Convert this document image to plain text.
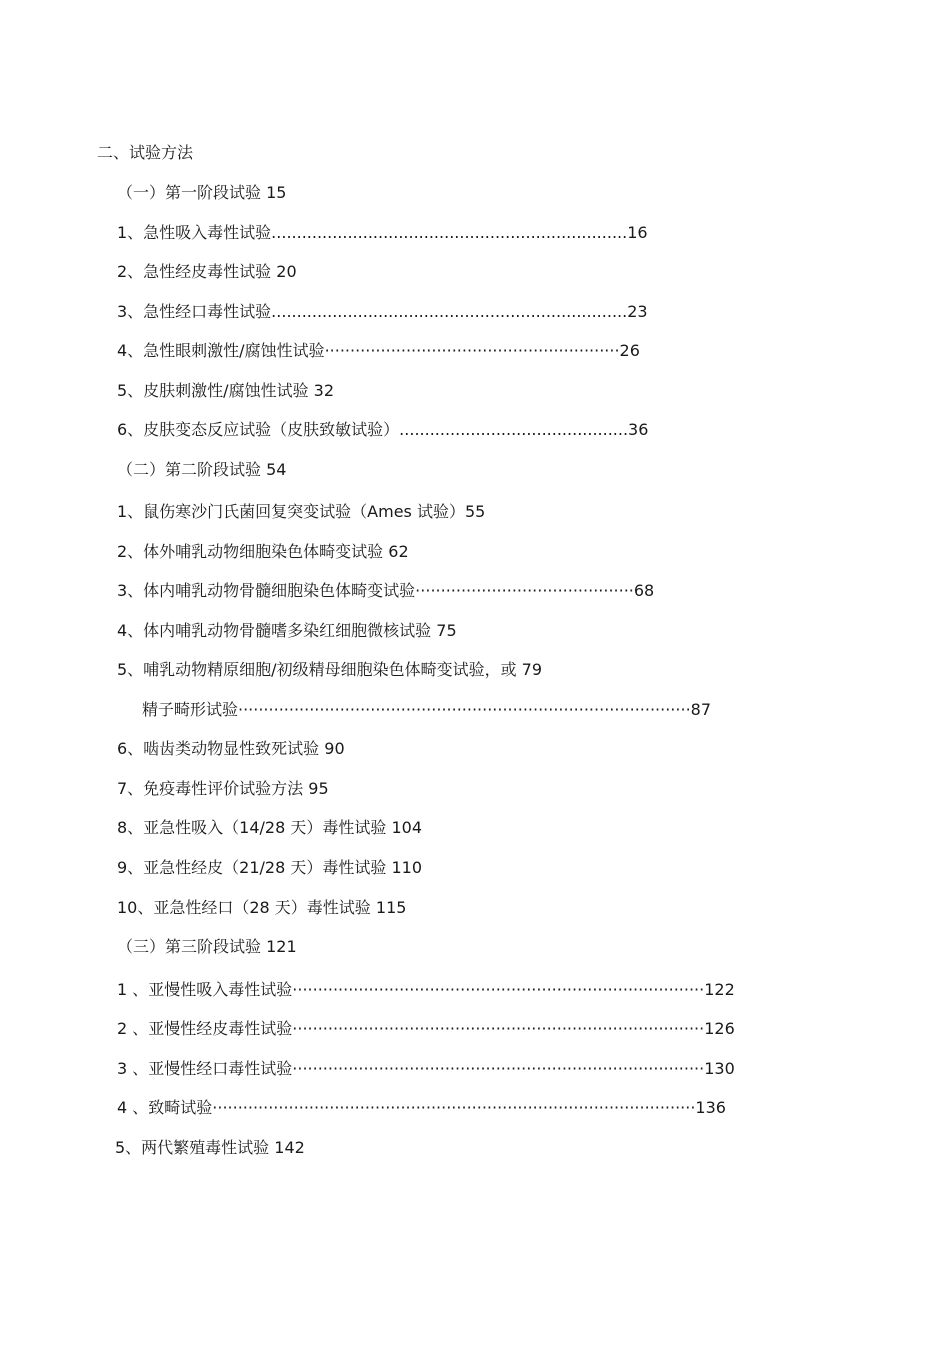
二、试验方法
（一）第一阶段试验 15
1、急性吸入毒性试验......................................................................16
2、急性经皮毒性试验 20
3、急性经口毒性试验......................................................................23
4、急性眼刺激性/腐蚀性试验··························································26
5、皮肤刺激性/腐蚀性试验 32
6、皮肤变态反应试验（皮肤致敏试验）.............................................36
（二）第二阶段试验 54
1、鼠伤寒沙门氏菌回复突变试验（Ames 试验）55
2、体外哺乳动物细胞染色体畸变试验 62
3、体内哺乳动物骨髓细胞染色体畸变试验···········································68
4、体内哺乳动物骨髓嗜多染红细胞微核试验 75
5、哺乳动物精原细胞/初级精母细胞染色体畸变试验，或 79
精子畸形试验·························································································87
6、啮齿类动物显性致死试验 90
7、免疫毒性评价试验方法 95
8、亚急性吸入（14/28 天）毒性试验 104
9、亚急性经皮（21/28 天）毒性试验 110
10、亚急性经口（28 天）毒性试验 115
（三）第三阶段试验 121
1 、亚慢性吸入毒性试验·················································································122
2 、亚慢性经皮毒性试验·················································································126
3 、亚慢性经口毒性试验·················································································130
4 、致畸试验·······························································································136
5、两代繁殖毒性试验 142
